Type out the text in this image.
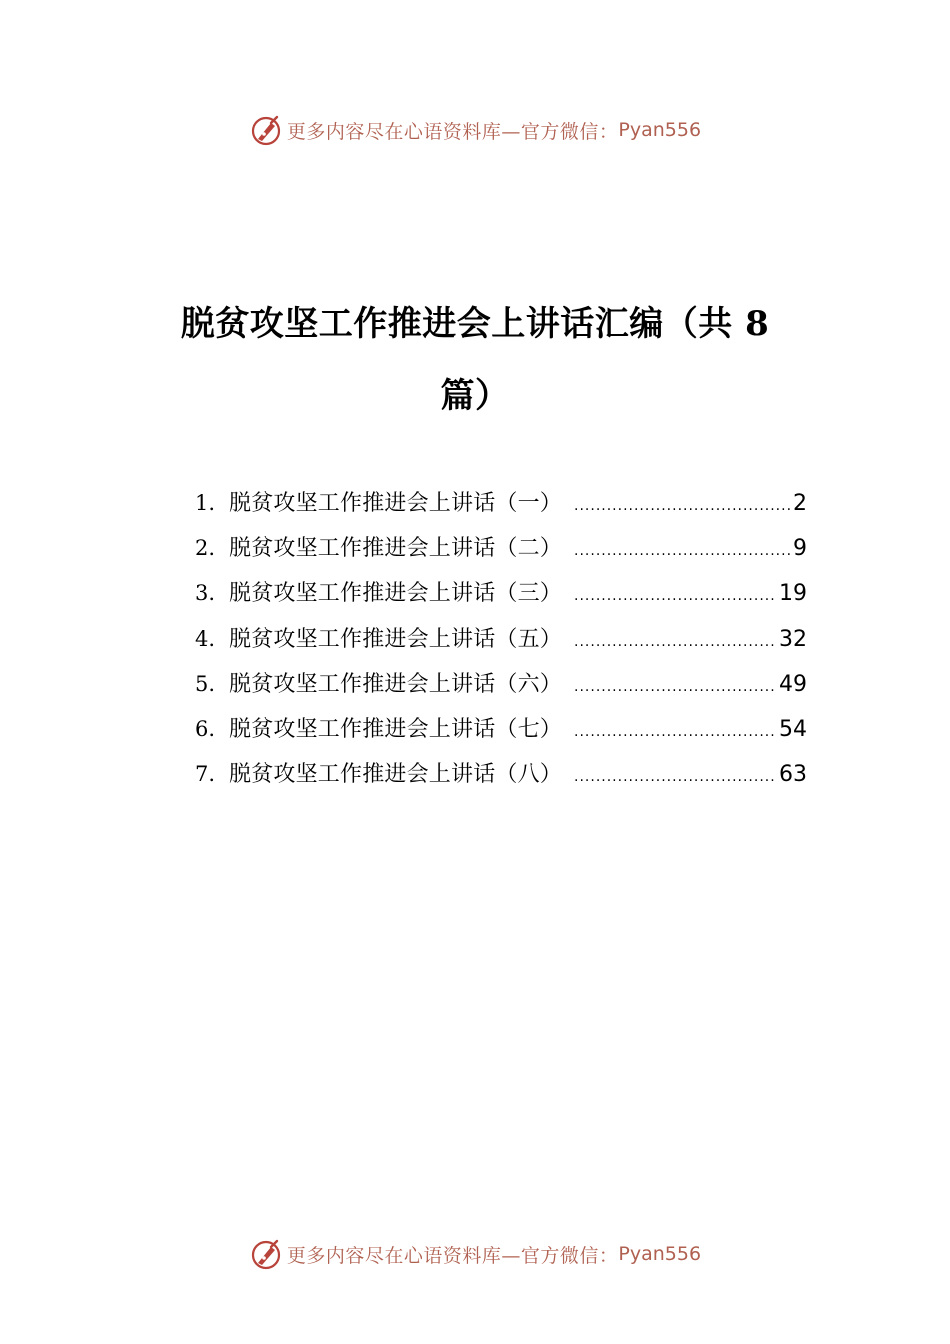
更多内容尽在心语资料库—官方微信： Pyan556
脱贫攻坚工作推进会上讲话汇编（共 8
篇）
1. 脱贫攻坚工作推进会上讲话（一） .....	2
2. 脱贫攻坚工作推进会上讲话（二） .....	9
3. 脱贫攻坚工作推进会上讲话（三） .....	19
4. 脱贫攻坚工作推进会上讲话（五） .....	32
5. 脱贫攻坚工作推进会上讲话（六） .....	49
6. 脱贫攻坚工作推进会上讲话（七） .....	54
7. 脱贫攻坚工作推进会上讲话（八） .....	63
更多内容尽在心语资料库—官方微信： Pyan556
